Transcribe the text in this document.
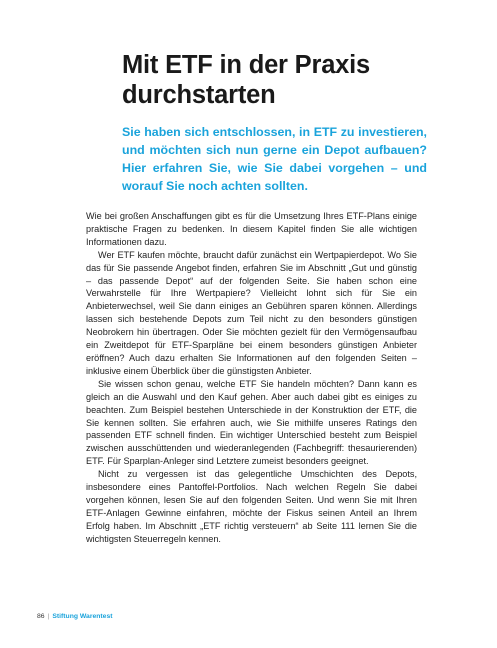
Mit ETF in der Praxis durchstarten

Sie haben sich entschlossen, in ETF zu investieren, und möchten sich nun gerne ein Depot aufbauen? Hier erfahren Sie, wie Sie dabei vorgehen – und worauf Sie noch achten sollten.

Wie bei großen Anschaffungen gibt es für die Umsetzung Ihres ETF-Plans einige praktische Fragen zu bedenken. In diesem Kapitel finden Sie alle wichtigen Informationen dazu.

Wer ETF kaufen möchte, braucht dafür zunächst ein Wertpapierdepot. Wo Sie das für Sie passende Angebot finden, erfahren Sie im Abschnitt „Gut und günstig – das passende Depot“ auf der folgenden Seite. Sie haben schon eine Verwahrstelle für Ihre Wertpapiere? Vielleicht lohnt sich für Sie ein Anbieterwechsel, weil Sie dann einiges an Gebühren sparen können. Allerdings lassen sich bestehende Depots zum Teil nicht zu den besonders günstigen Neobrokern hin übertragen. Oder Sie möchten gezielt für den Vermögensaufbau ein Zweitdepot für ETF-Sparpläne bei einem besonders günstigen Anbieter eröffnen? Auch dazu erhalten Sie Informationen auf den folgenden Seiten – inklusive einem Überblick über die günstigsten Anbieter.

Sie wissen schon genau, welche ETF Sie handeln möchten? Dann kann es gleich an die Auswahl und den Kauf gehen. Aber auch dabei gibt es einiges zu beachten. Zum Beispiel bestehen Unterschiede in der Konstruktion der ETF, die Sie kennen sollten. Sie erfahren auch, wie Sie mithilfe unseres Ratings den passenden ETF schnell finden. Ein wichtiger Unterschied besteht zum Beispiel zwischen ausschüttenden und wiederanlegenden (Fachbegriff: thesaurierenden) ETF. Für Sparplan-Anleger sind Letztere zumeist besonders geeignet.

Nicht zu vergessen ist das gelegentliche Umschichten des Depots, insbesondere eines Pantoffel-Portfolios. Nach welchen Regeln Sie dabei vorgehen können, lesen Sie auf den folgenden Seiten. Und wenn Sie mit Ihren ETF-Anlagen Gewinne einfahren, möchte der Fiskus seinen Anteil an Ihrem Erfolg haben. Im Abschnitt „ETF richtig versteuern“ ab Seite 111 lernen Sie die wichtigsten Steuerregeln kennen.

86 | Stiftung Warentest
